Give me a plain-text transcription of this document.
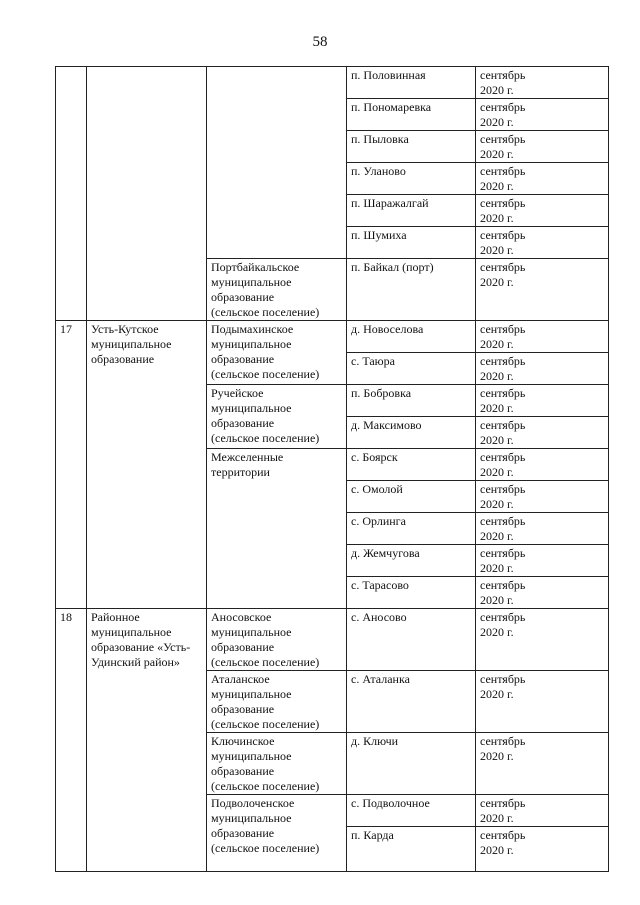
58
			п. Половинная	сентябрь
2020 г.
			п. Пономаревка	сентябрь
2020 г.
			п. Пыловка	сентябрь
2020 г.
			п. Уланово	сентябрь
2020 г.
			п. Шаражалгай	сентябрь
2020 г.
			п. Шумиха	сентябрь
2020 г.
		Портбайкальское
муниципальное
образование
(сельское поселение)	п. Байкал (порт)	сентябрь
2020 г.
17	Усть-Кутское
муниципальное
образование	Подымахинское
муниципальное
образование
(сельское поселение)	д. Новоселова	сентябрь
2020 г.
			с. Таюра	сентябрь
2020 г.
		Ручейское
муниципальное
образование
(сельское поселение)	п. Бобровка	сентябрь
2020 г.
			д. Максимово	сентябрь
2020 г.
		Межселенные
территории	с. Боярск	сентябрь
2020 г.
			с. Омолой	сентябрь
2020 г.
			с. Орлинга	сентябрь
2020 г.
			д. Жемчугова	сентябрь
2020 г.
			с. Тарасово	сентябрь
2020 г.
18	Районное
муниципальное
образование «Усть-
Удинский район»	Аносовское
муниципальное
образование
(сельское поселение)	с. Аносово	сентябрь
2020 г.
		Аталанское
муниципальное
образование
(сельское поселение)	с. Аталанка	сентябрь
2020 г.
		Ключинское
муниципальное
образование
(сельское поселение)	д. Ключи	сентябрь
2020 г.
		Подволоченское
муниципальное
образование
(сельское поселение)	с. Подволочное	сентябрь
2020 г.
			п. Карда	сентябрь
2020 г.
